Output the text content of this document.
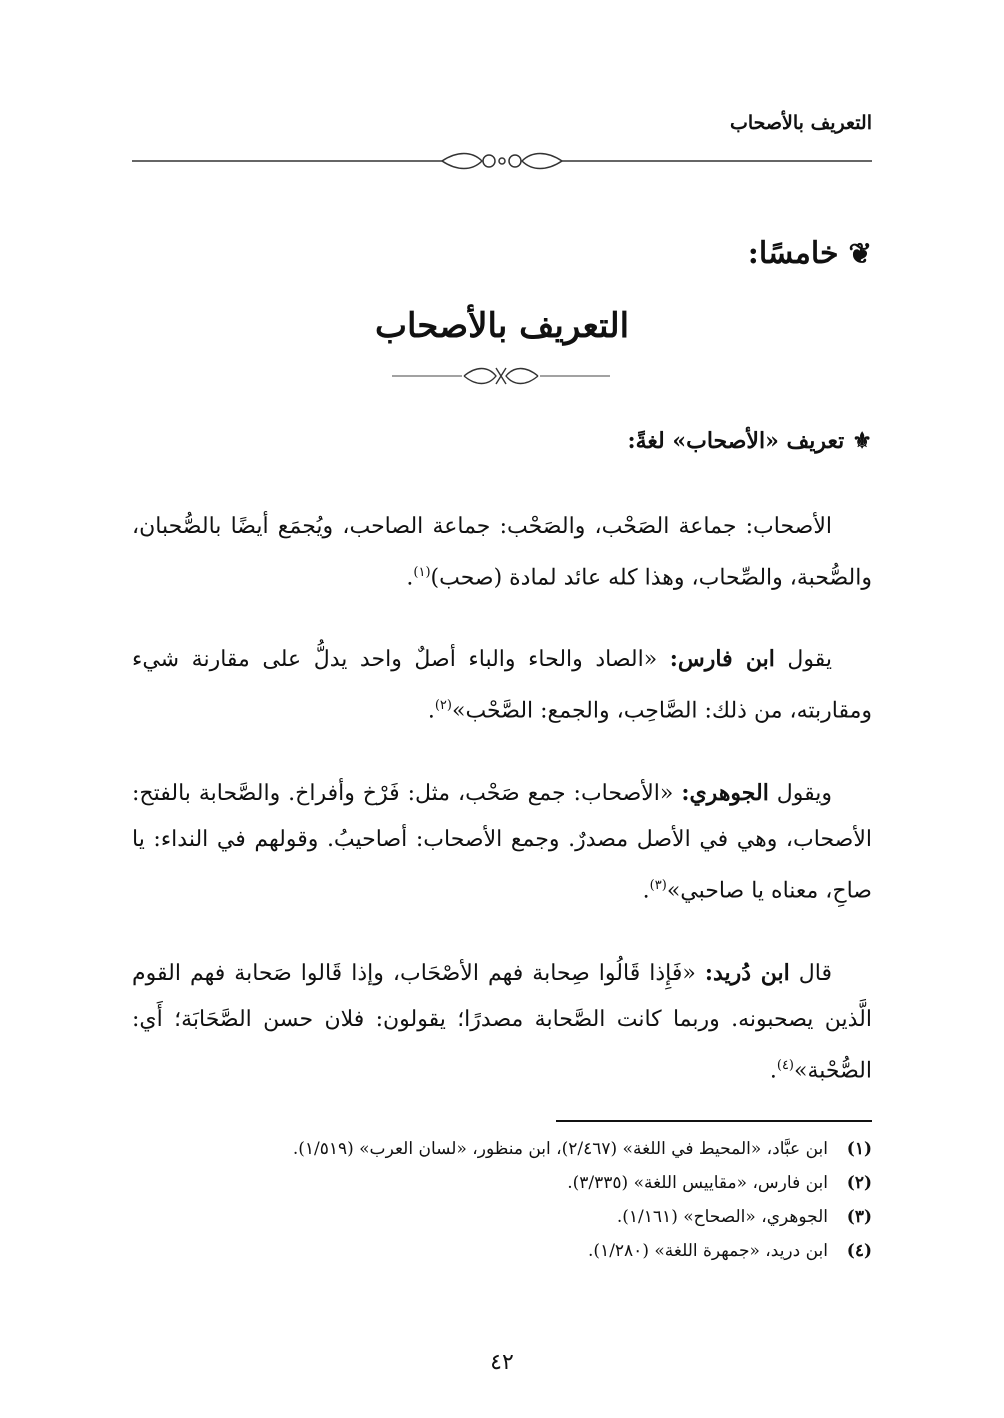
التعريف بالأصحاب
❦
خامسًا:
التعريف بالأصحاب
⚜
تعريف «الأصحاب» لغةً:

الأصحاب: جماعة الصَحْب، والصَحْب: جماعة الصاحب، ويُجمَع أيضًا بالصُّحبان، والصُّحبة، والصِّحاب، وهذا كله عائد لمادة (صحب)$^{(١)}$.

يقول ابن فارس: «الصاد والحاء والباء أصلٌ واحد يدلُّ على مقارنة شيء ومقاربته، من ذلك: الصَّاحِب، والجمع: الصَّحْب»$^{(٢)}$.

ويقول الجوهري: «الأصحاب: جمع صَحْب، مثل: فَرْخ وأفراخ. والصَّحابة بالفتح: الأصحاب، وهي في الأصل مصدرٌ. وجمع الأصحاب: أصاحيبُ. وقولهم في النداء: يا صاحِ، معناه يا صاحبي»$^{(٣)}$.

قال ابن دُريد: «فَإِذا قَالُوا صِحابة فهم الأصْحَاب، وإذا قَالوا صَحابة فهم القوم الَّذين يصحبونه. وربما كانت الصَّحابة مصدرًا؛ يقولون: فلان حسن الصَّحَابَة؛ أَي: الصُّحْبة»$^{(٤)}$.

(١)
ابن عبَّاد، «المحيط في اللغة» (٢/٤٦٧)، ابن منظور، «لسان العرب» (١/٥١٩).
(٢)
ابن فارس، «مقاييس اللغة» (٣/٣٣٥).
(٣)
الجوهري، «الصحاح» (١/١٦١).
(٤)
ابن دريد، «جمهرة اللغة» (١/٢٨٠).
٤٢
